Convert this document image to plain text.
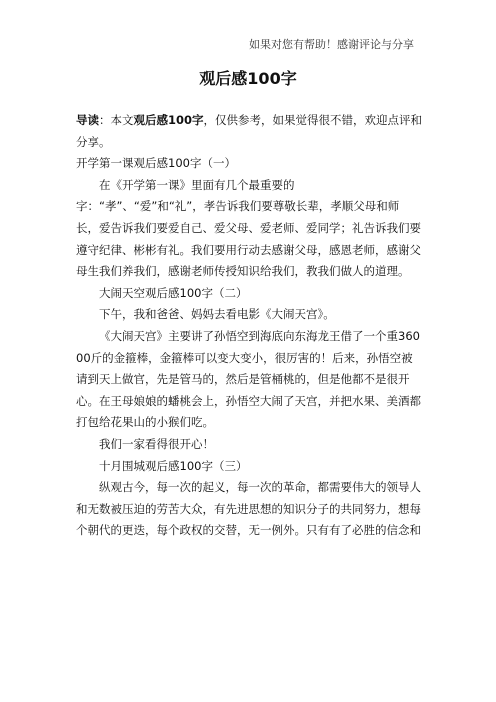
如果对您有帮助！感谢评论与分享
观后感100字

导读：本文观后感100字，仅供参考，如果觉得很不错，欢迎点评和分享。

开学第一课观后感100字（一）

在《开学第一课》里面有几个最重要的字：“孝”、“爱”和“礼”，孝告诉我们要尊敬长辈，孝顺父母和师长，爱告诉我们要爱自己、爱父母、爱老师、爱同学；礼告诉我们要遵守纪律、彬彬有礼。我们要用行动去感谢父母，感恩老师，感谢父母生我们养我们，感谢老师传授知识给我们，教我们做人的道理。

大闹天空观后感100字（二）

下午，我和爸爸、妈妈去看电影《大闹天宫》。

《大闹天宫》主要讲了孙悟空到海底向东海龙王借了一个重36000斤的金箍棒，金箍棒可以变大变小，很厉害的！后来，孙悟空被请到天上做官，先是管马的，然后是管桶桃的，但是他都不是很开心。在王母娘娘的蟠桃会上，孙悟空大闹了天宫，并把水果、美酒都打包给花果山的小猴们吃。

我们一家看得很开心！

十月围城观后感100字（三）

纵观古今，每一次的起义，每一次的革命，都需要伟大的领导人和无数被压迫的劳苦大众，有先进思想的知识分子的共同努力，想每个朝代的更迭，每个政权的交替，无一例外。只有有了必胜的信念和
